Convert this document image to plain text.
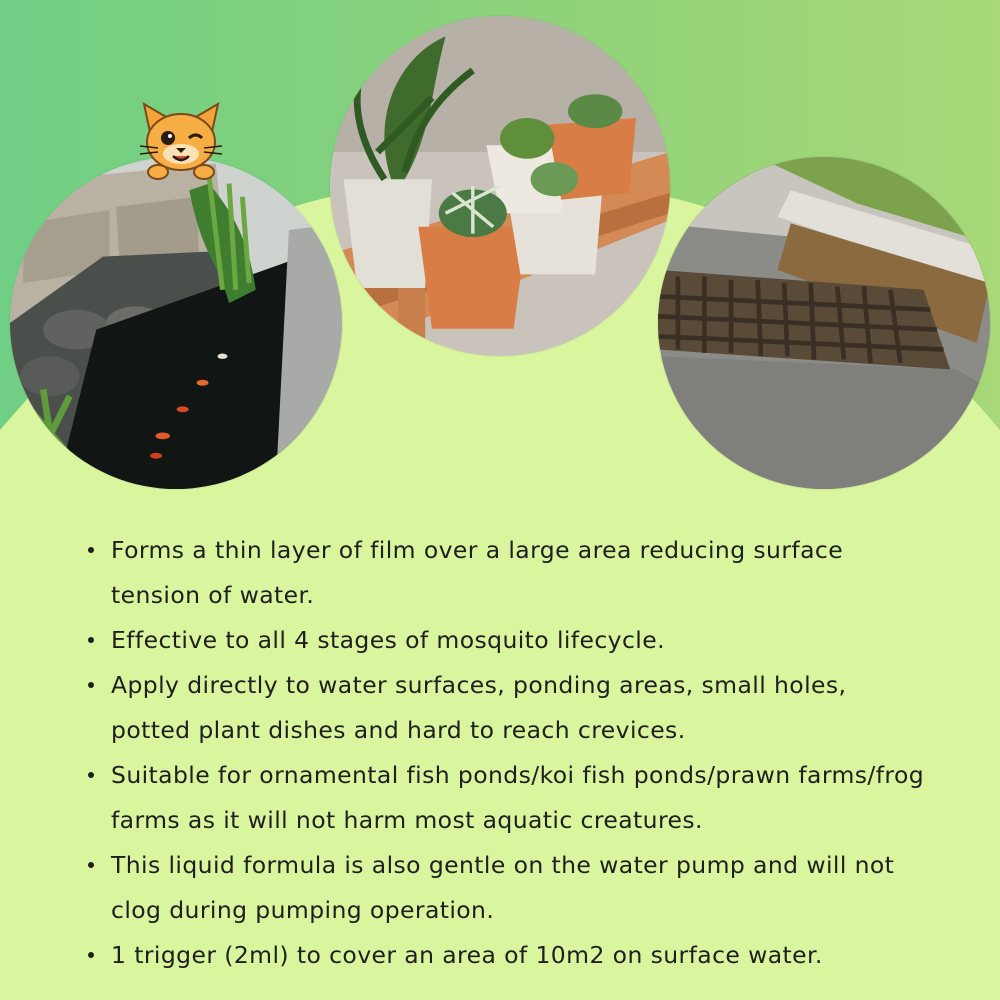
Forms a thin layer of film over a large area reducing surface tension of water.
Effective to all 4 stages of mosquito lifecycle.
Apply directly to water surfaces, ponding areas, small holes, potted plant dishes and hard to reach crevices.
Suitable for ornamental fish ponds/koi fish ponds/prawn farms/frog farms as it will not harm most aquatic creatures.
This liquid formula is also gentle on the water pump and will not clog during pumping operation.
1 trigger (2ml) to cover an area of 10m2 on surface water.
